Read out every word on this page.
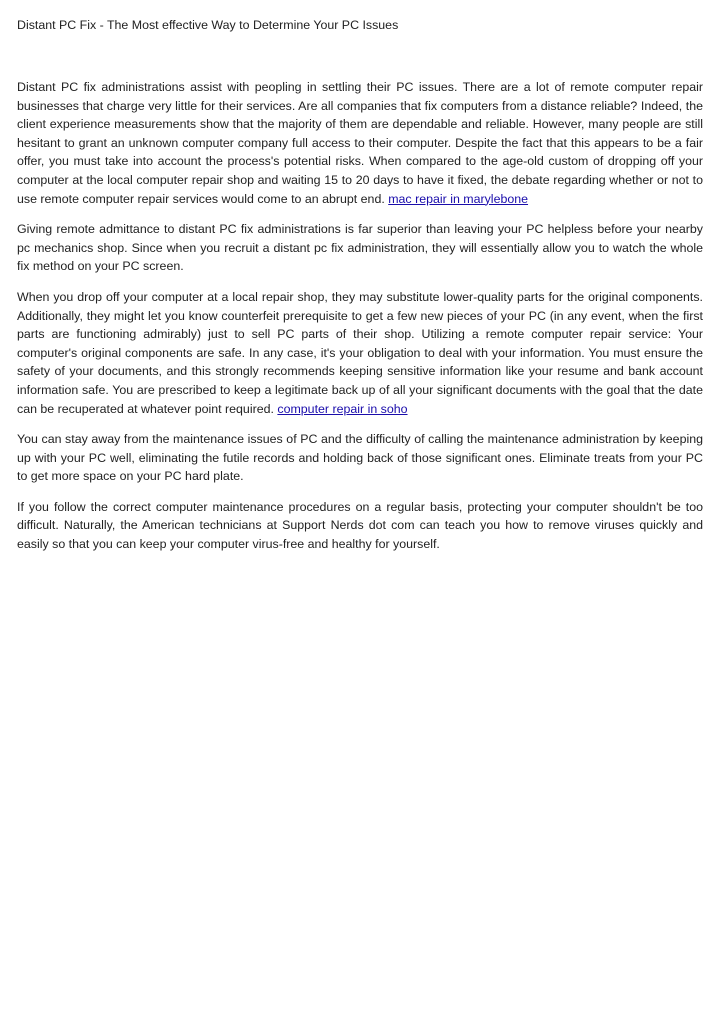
Distant PC Fix - The Most effective Way to Determine Your PC Issues

Distant PC fix administrations assist with peopling in settling their PC issues. There are a lot of remote computer repair businesses that charge very little for their services. Are all companies that fix computers from a distance reliable? Indeed, the client experience measurements show that the majority of them are dependable and reliable. However, many people are still hesitant to grant an unknown computer company full access to their computer. Despite the fact that this appears to be a fair offer, you must take into account the process's potential risks. When compared to the age-old custom of dropping off your computer at the local computer repair shop and waiting 15 to 20 days to have it fixed, the debate regarding whether or not to use remote computer repair services would come to an abrupt end. mac repair in marylebone

Giving remote admittance to distant PC fix administrations is far superior than leaving your PC helpless before your nearby pc mechanics shop. Since when you recruit a distant pc fix administration, they will essentially allow you to watch the whole fix method on your PC screen.

When you drop off your computer at a local repair shop, they may substitute lower-quality parts for the original components. Additionally, they might let you know counterfeit prerequisite to get a few new pieces of your PC (in any event, when the first parts are functioning admirably) just to sell PC parts of their shop. Utilizing a remote computer repair service: Your computer's original components are safe. In any case, it's your obligation to deal with your information. You must ensure the safety of your documents, and this strongly recommends keeping sensitive information like your resume and bank account information safe. You are prescribed to keep a legitimate back up of all your significant documents with the goal that the date can be recuperated at whatever point required. computer repair in soho

You can stay away from the maintenance issues of PC and the difficulty of calling the maintenance administration by keeping up with your PC well, eliminating the futile records and holding back of those significant ones. Eliminate treats from your PC to get more space on your PC hard plate.

If you follow the correct computer maintenance procedures on a regular basis, protecting your computer shouldn't be too difficult. Naturally, the American technicians at Support Nerds dot com can teach you how to remove viruses quickly and easily so that you can keep your computer virus-free and healthy for yourself.
